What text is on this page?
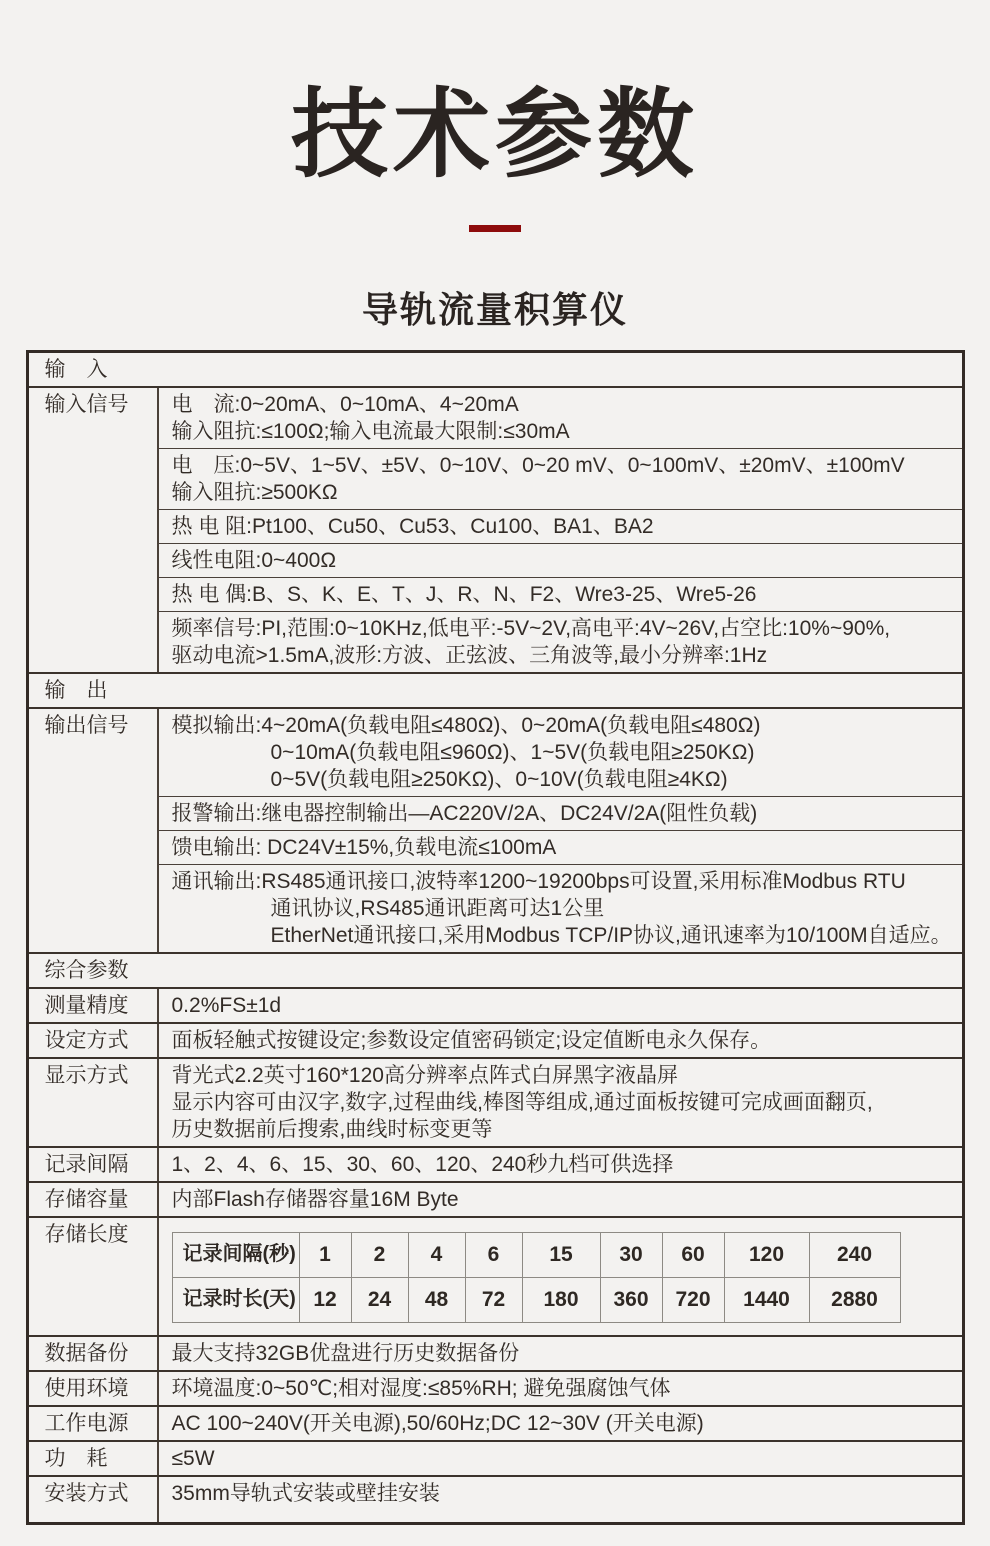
技术参数
导轨流量积算仪
输　入
输入信号	电　流:0~20mA、0~10mA、4~20mA
输入阻抗:≤100Ω;输入电流最大限制:≤30mA
电　压:0~5V、1~5V、±5V、0~10V、0~20 mV、0~100mV、±20mV、±100mV
输入阻抗:≥500KΩ
热 电 阻:Pt100、Cu50、Cu53、Cu100、BA1、BA2
线性电阻:0~400Ω
热 电 偶:B、S、K、E、T、J、R、N、F2、Wre3-25、Wre5-26
频率信号:PI,范围:0~10KHz,低电平:-5V~2V,高电平:4V~26V,占空比:10%~90%,
驱动电流>1.5mA,波形:方波、正弦波、三角波等,最小分辨率:1Hz
输　出
输出信号	模拟输出:4~20mA(负载电阻≤480Ω)、0~20mA(负载电阻≤480Ω)
0~10mA(负载电阻≤960Ω)、1~5V(负载电阻≥250KΩ)
0~5V(负载电阻≥250KΩ)、0~10V(负载电阻≥4KΩ)
报警输出:继电器控制输出—AC220V/2A、DC24V/2A(阻性负载)
馈电输出: DC24V±15%,负载电流≤100mA
通讯输出:RS485通讯接口,波特率1200~19200bps可设置,采用标准Modbus RTU
通讯协议,RS485通讯距离可达1公里
EtherNet通讯接口,采用Modbus TCP/IP协议,通讯速率为10/100M自适应。
综合参数
测量精度	0.2%FS±1d
设定方式	面板轻触式按键设定;参数设定值密码锁定;设定值断电永久保存。
显示方式	背光式2.2英寸160*120高分辨率点阵式白屏黑字液晶屏
显示内容可由汉字,数字,过程曲线,棒图等组成,通过面板按键可完成画面翻页,
历史数据前后搜索,曲线时标变更等
记录间隔	1、2、4、6、15、30、60、120、240秒九档可供选择
存储容量	内部Flash存储器容量16M Byte
存储长度
记录间隔(秒)	1	2	4	6	15	30	60	120	240
记录时长(天)	12	24	48	72	180	360	720	1440	2880
数据备份	最大支持32GB优盘进行历史数据备份
使用环境	环境温度:0~50℃;相对湿度:≤85%RH; 避免强腐蚀气体
工作电源	AC 100~240V(开关电源),50/60Hz;DC 12~30V (开关电源)
功　耗	≤5W
安装方式	35mm导轨式安装或壁挂安装
